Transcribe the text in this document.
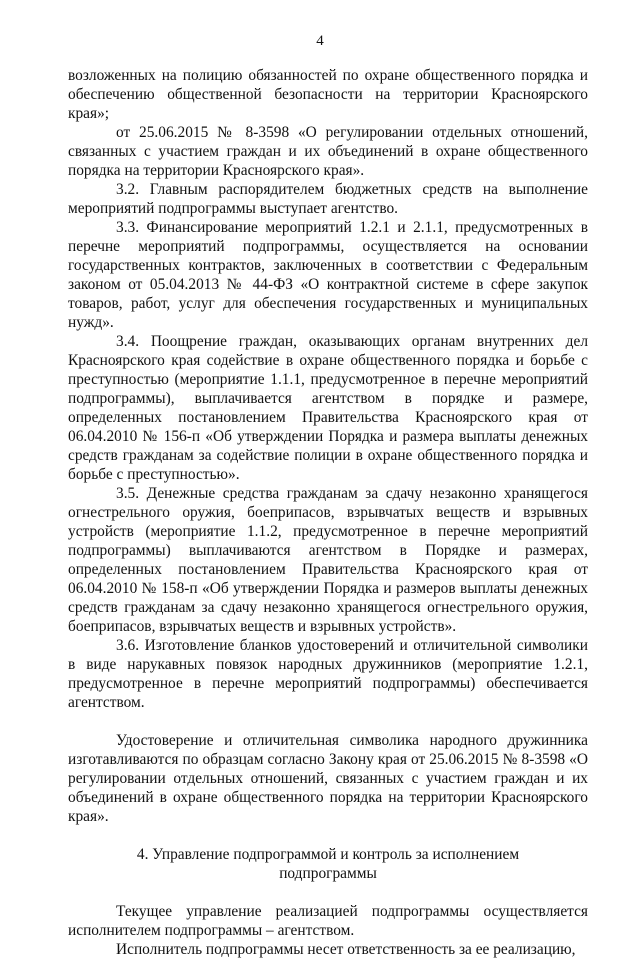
4

возложенных на полицию обязанностей по охране общественного порядка и обеспечению общественной безопасности на территории Красноярского края»;

от 25.06.2015 № 8-3598 «О регулировании отдельных отношений, связанных с участием граждан и их объединений в охране общественного порядка на территории Красноярского края».

3.2. Главным распорядителем бюджетных средств на выполнение мероприятий подпрограммы выступает агентство.

3.3. Финансирование мероприятий 1.2.1 и 2.1.1, предусмотренных в перечне мероприятий подпрограммы, осуществляется на основании государственных контрактов, заключенных в соответствии с Федеральным законом от 05.04.2013 № 44-ФЗ «О контрактной системе в сфере закупок товаров, работ, услуг для обеспечения государственных и муниципальных нужд».

3.4. Поощрение граждан, оказывающих органам внутренних дел Красноярского края содействие в охране общественного порядка и борьбе с преступностью (мероприятие 1.1.1, предусмотренное в перечне мероприятий подпрограммы), выплачивается агентством в порядке и размере, определенных постановлением Правительства Красноярского края от 06.04.2010 № 156-п «Об утверждении Порядка и размера выплаты денежных средств гражданам за содействие полиции в охране общественного порядка и борьбе с преступностью».

3.5. Денежные средства гражданам за сдачу незаконно хранящегося огнестрельного оружия, боеприпасов, взрывчатых веществ и взрывных устройств (мероприятие 1.1.2, предусмотренное в перечне мероприятий подпрограммы) выплачиваются агентством в Порядке и размерах, определенных постановлением Правительства Красноярского края от 06.04.2010 № 158-п «Об утверждении Порядка и размеров выплаты денежных средств гражданам за сдачу незаконно хранящегося огнестрельного оружия, боеприпасов, взрывчатых веществ и взрывных устройств».

3.6. Изготовление бланков удостоверений и отличительной символики в виде нарукавных повязок народных дружинников (мероприятие 1.2.1, предусмотренное в перечне мероприятий подпрограммы) обеспечивается агентством.

Удостоверение и отличительная символика народного дружинника изготавливаются по образцам согласно Закону края от 25.06.2015 № 8-3598 «О регулировании отдельных отношений, связанных с участием граждан и их объединений в охране общественного порядка на территории Красноярского края».

4. Управление подпрограммой и контроль за исполнением

подпрограммы

Текущее управление реализацией подпрограммы осуществляется исполнителем подпрограммы – агентством.

Исполнитель подпрограммы несет ответственность за ее реализацию,
